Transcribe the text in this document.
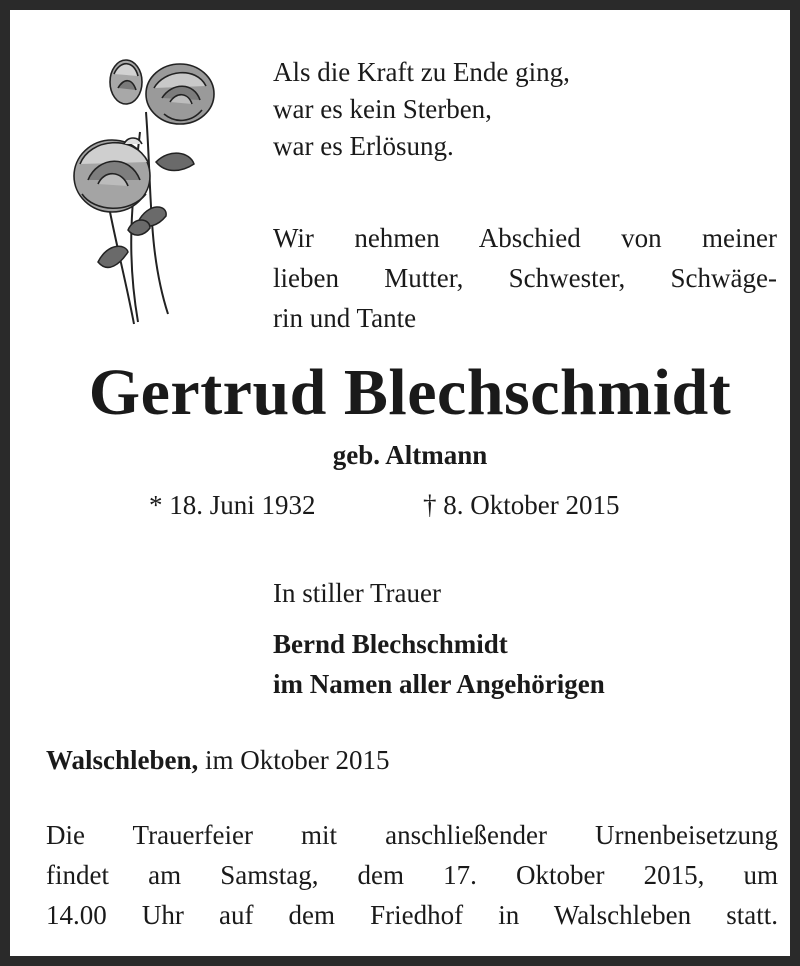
Als die Kraft zu Ende ging,
war es kein Sterben,
war es Erlösung.
Wir nehmen Abschied von meiner
lieben Mutter, Schwester, Schwäge-
rin und Tante
Gertrud Blechschmidt
geb. Altmann
* 18. Juni 1932	† 8. Oktober 2015
In stiller Trauer
Bernd Blechschmidt
im Namen aller Angehörigen
Walschleben, im Oktober 2015
Die Trauerfeier mit anschließender Urnenbeisetzung
findet am Samstag, dem 17. Oktober 2015, um
14.00 Uhr auf dem Friedhof in Walschleben statt.
